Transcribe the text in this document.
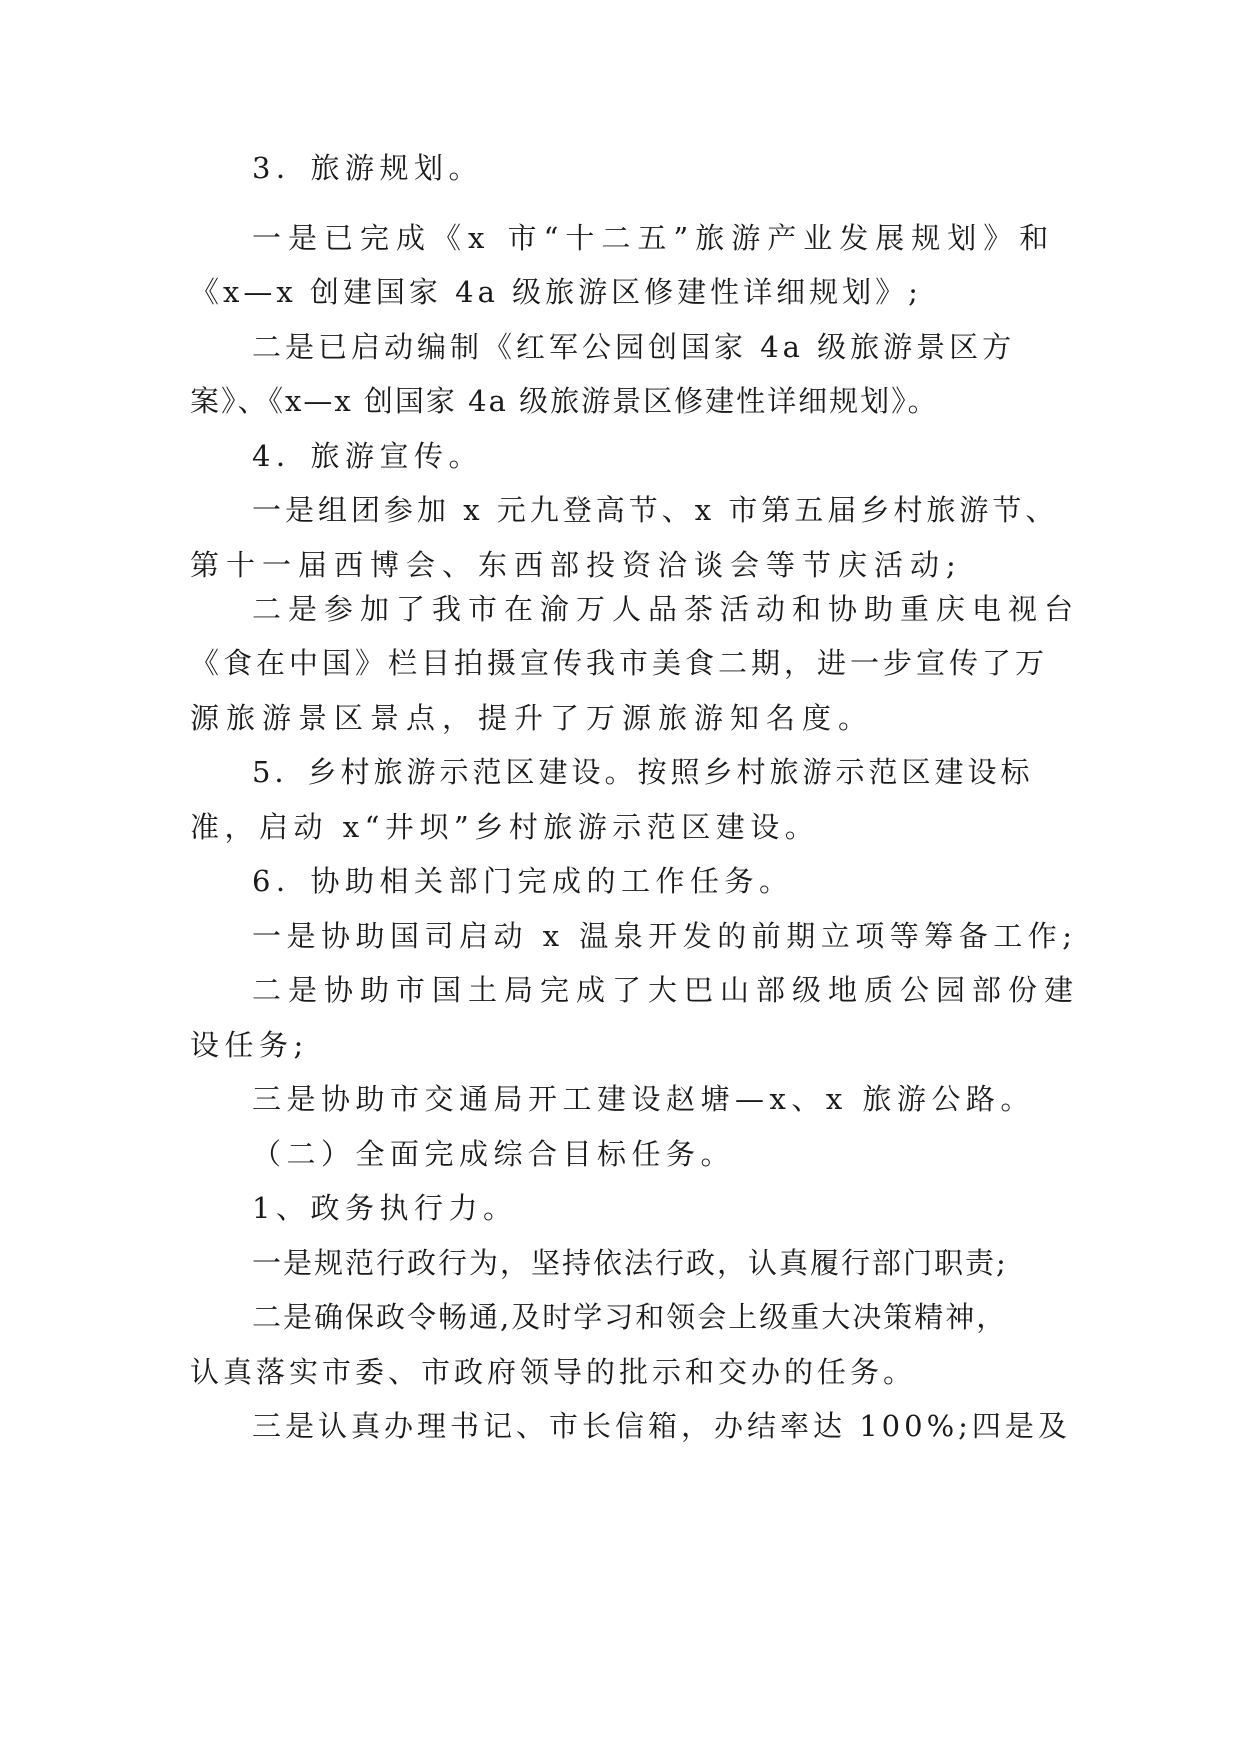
3．旅游规划。
一是已完成《x 市“十二五”旅游产业发展规划》和
《x—x 创建国家 4a 级旅游区修建性详细规划》;
二是已启动编制《红军公园创国家 4a 级旅游景区方
案》、《x—x 创国家 4a 级旅游景区修建性详细规划》。
4．旅游宣传。
一是组团参加 x 元九登高节、x 市第五届乡村旅游节、
第十一届西博会、东西部投资洽谈会等节庆活动;
二是参加了我市在渝万人品茶活动和协助重庆电视台
《食在中国》栏目拍摄宣传我市美食二期，进一步宣传了万
源旅游景区景点，提升了万源旅游知名度。
5．乡村旅游示范区建设。按照乡村旅游示范区建设标
准，启动 x“井坝”乡村旅游示范区建设。
6．协助相关部门完成的工作任务。
一是协助国司启动 x 温泉开发的前期立项等筹备工作;
二是协助市国土局完成了大巴山部级地质公园部份建
设任务;
三是协助市交通局开工建设赵塘—x、x 旅游公路。
（二）全面完成综合目标任务。
1、政务执行力。
一是规范行政行为，坚持依法行政，认真履行部门职责;
二是确保政令畅通,及时学习和领会上级重大决策精神，
认真落实市委、市政府领导的批示和交办的任务。
三是认真办理书记、市长信箱，办结率达 100%;四是及
